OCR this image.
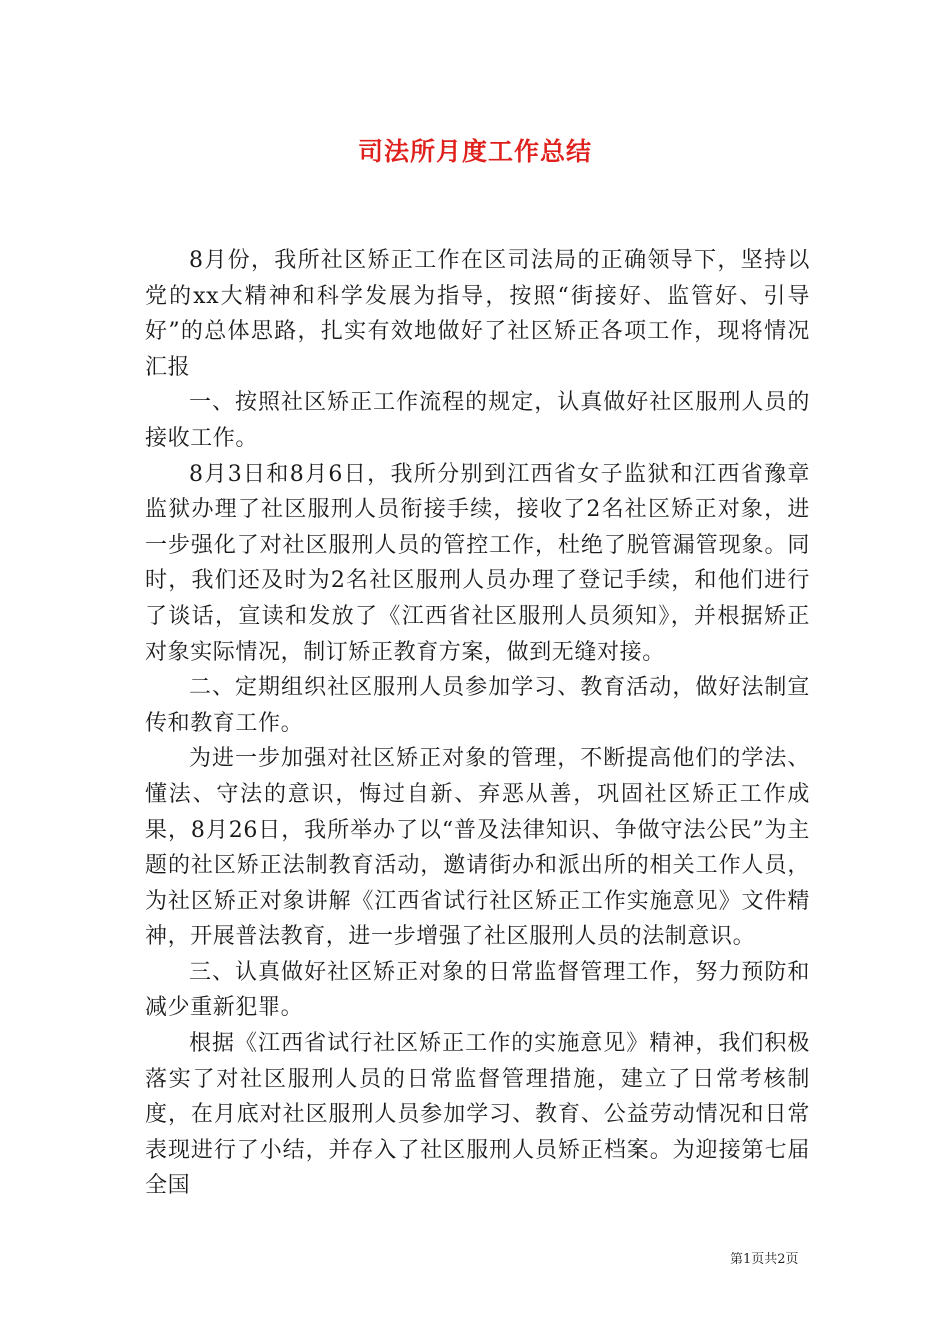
司法所月度工作总结

8月份，我所社区矫正工作在区司法局的正确领导下，坚持以党的xx大精神和科学发展为指导，按照“街接好、监管好、引导好”的总体思路，扎实有效地做好了社区矫正各项工作，现将情况汇报

一、按照社区矫正工作流程的规定，认真做好社区服刑人员的接收工作。

8月3日和8月6日，我所分别到江西省女子监狱和江西省豫章监狱办理了社区服刑人员衔接手续，接收了2名社区矫正对象，进一步强化了对社区服刑人员的管控工作，杜绝了脱管漏管现象。同时，我们还及时为2名社区服刑人员办理了登记手续，和他们进行了谈话，宣读和发放了《江西省社区服刑人员须知》，并根据矫正对象实际情况，制订矫正教育方案，做到无缝对接。

二、定期组织社区服刑人员参加学习、教育活动，做好法制宣传和教育工作。

为进一步加强对社区矫正对象的管理，不断提高他们的学法、懂法、守法的意识，悔过自新、弃恶从善，巩固社区矫正工作成果，8月26日，我所举办了以“普及法律知识、争做守法公民”为主题的社区矫正法制教育活动，邀请街办和派出所的相关工作人员，为社区矫正对象讲解《江西省试行社区矫正工作实施意见》文件精神，开展普法教育，进一步增强了社区服刑人员的法制意识。

三、认真做好社区矫正对象的日常监督管理工作，努力预防和减少重新犯罪。

根据《江西省试行社区矫正工作的实施意见》精神，我们积极落实了对社区服刑人员的日常监督管理措施，建立了日常考核制度，在月底对社区服刑人员参加学习、教育、公益劳动情况和日常表现进行了小结，并存入了社区服刑人员矫正档案。为迎接第七届全国

第1页共2页
